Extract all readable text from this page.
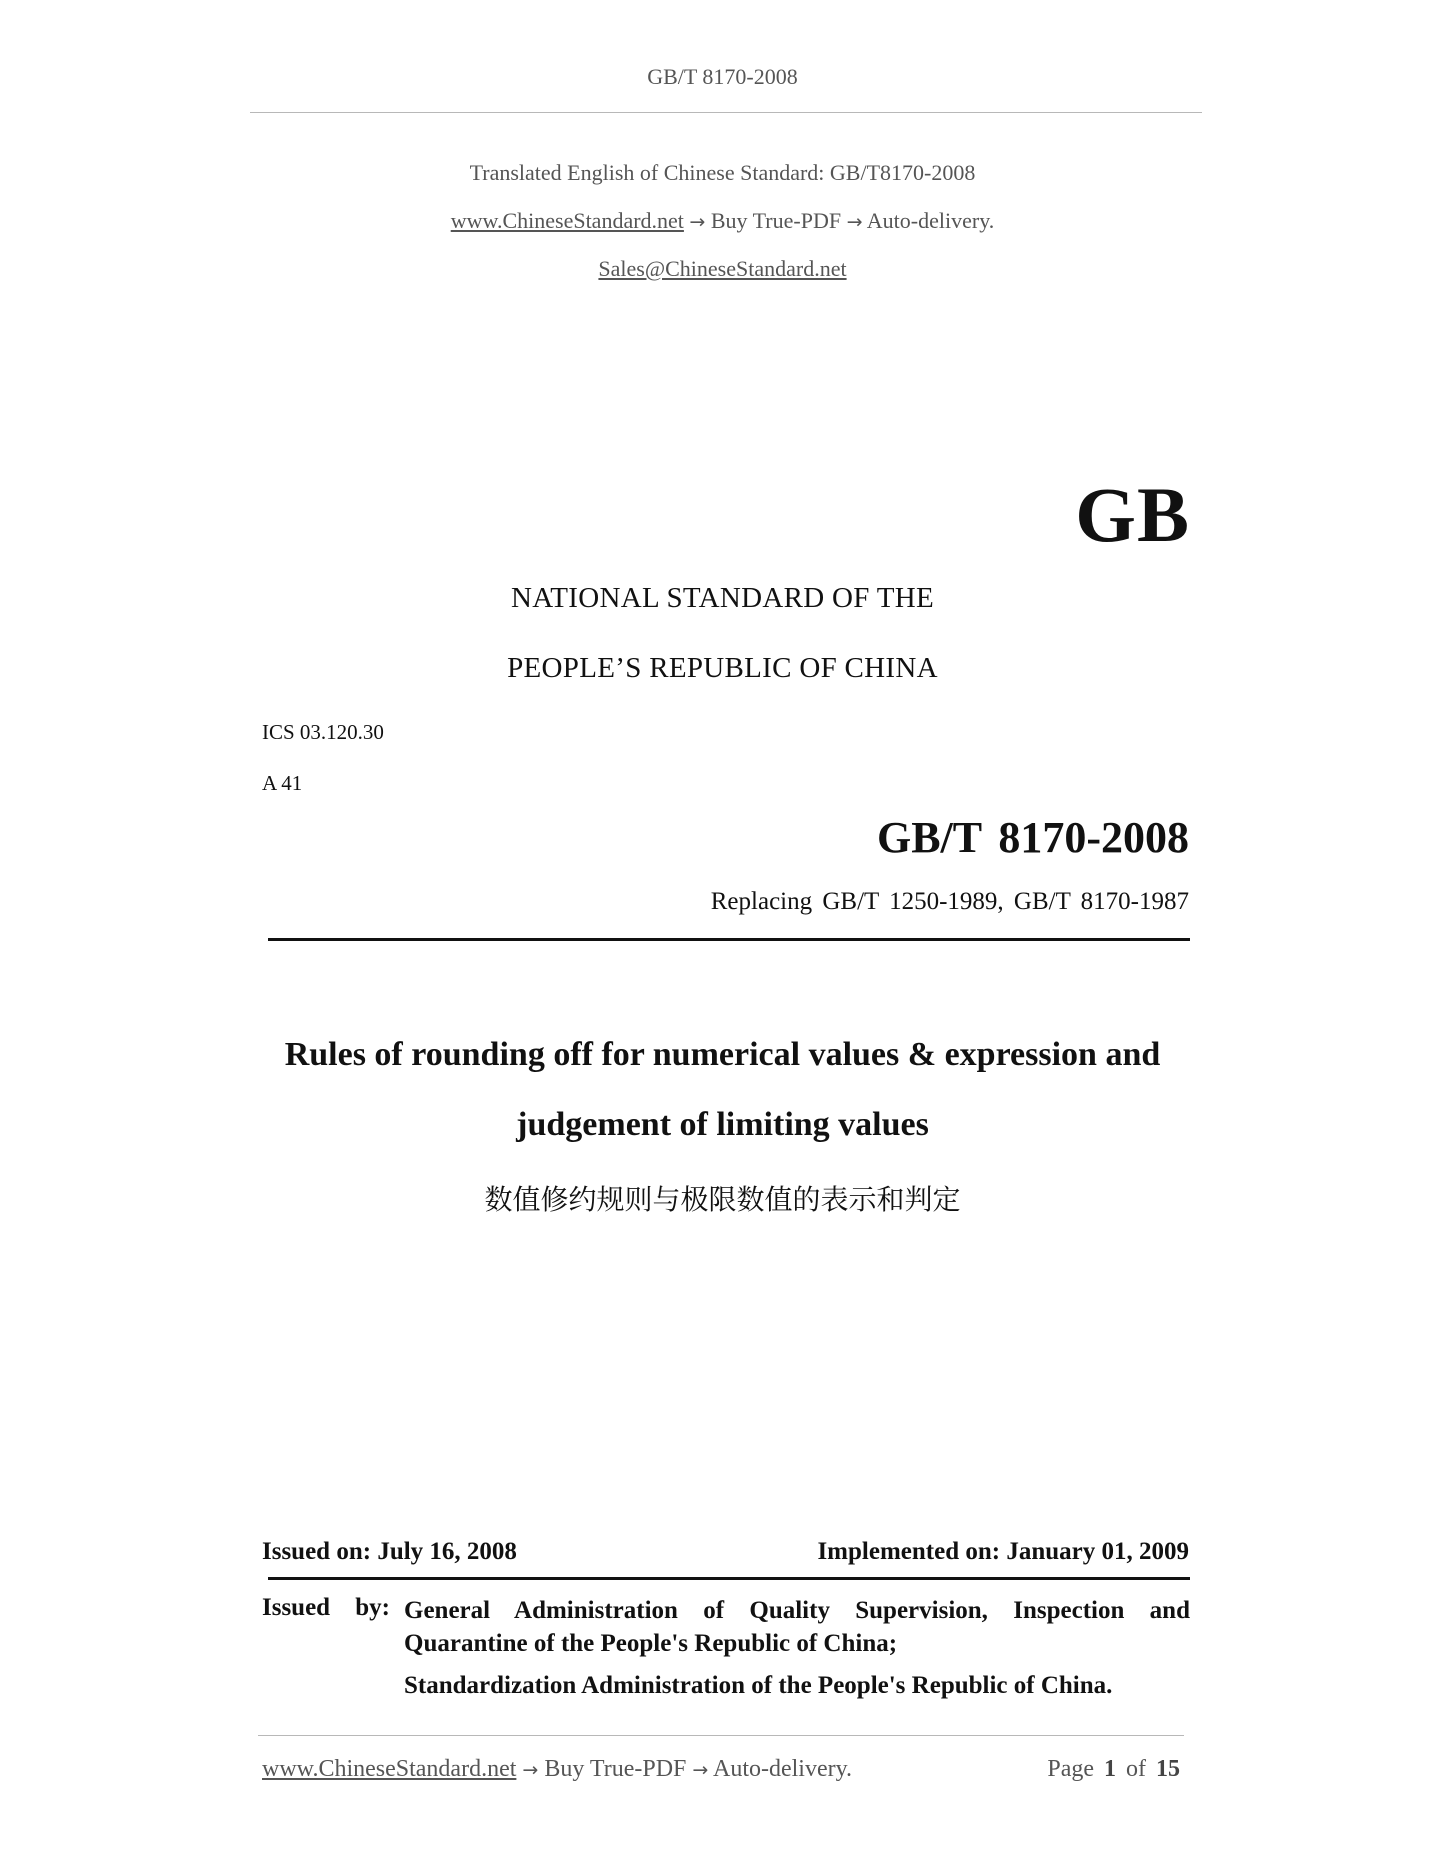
GB/T 8170-2008
Translated English of Chinese Standard: GB/T8170-2008
www.ChineseStandard.net → Buy True-PDF → Auto-delivery.
Sales@ChineseStandard.net
GB
NATIONAL STANDARD OF THE
PEOPLE’S REPUBLIC OF CHINA
ICS 03.120.30
A 41
GB/T 8170-2008
Replacing GB/T 1250-1989, GB/T 8170-1987
Rules of rounding off for numerical values & expression and
judgement of limiting values
数值修约规则与极限数值的表示和判定
Issued on: July 16, 2008	Implemented on: January 01, 2009
Issued by: General Administration of Quality Supervision, Inspection and Quarantine of the People's Republic of China;
Standardization Administration of the People's Republic of China.
www.ChineseStandard.net → Buy True-PDF → Auto-delivery.	Page 1 of 15
